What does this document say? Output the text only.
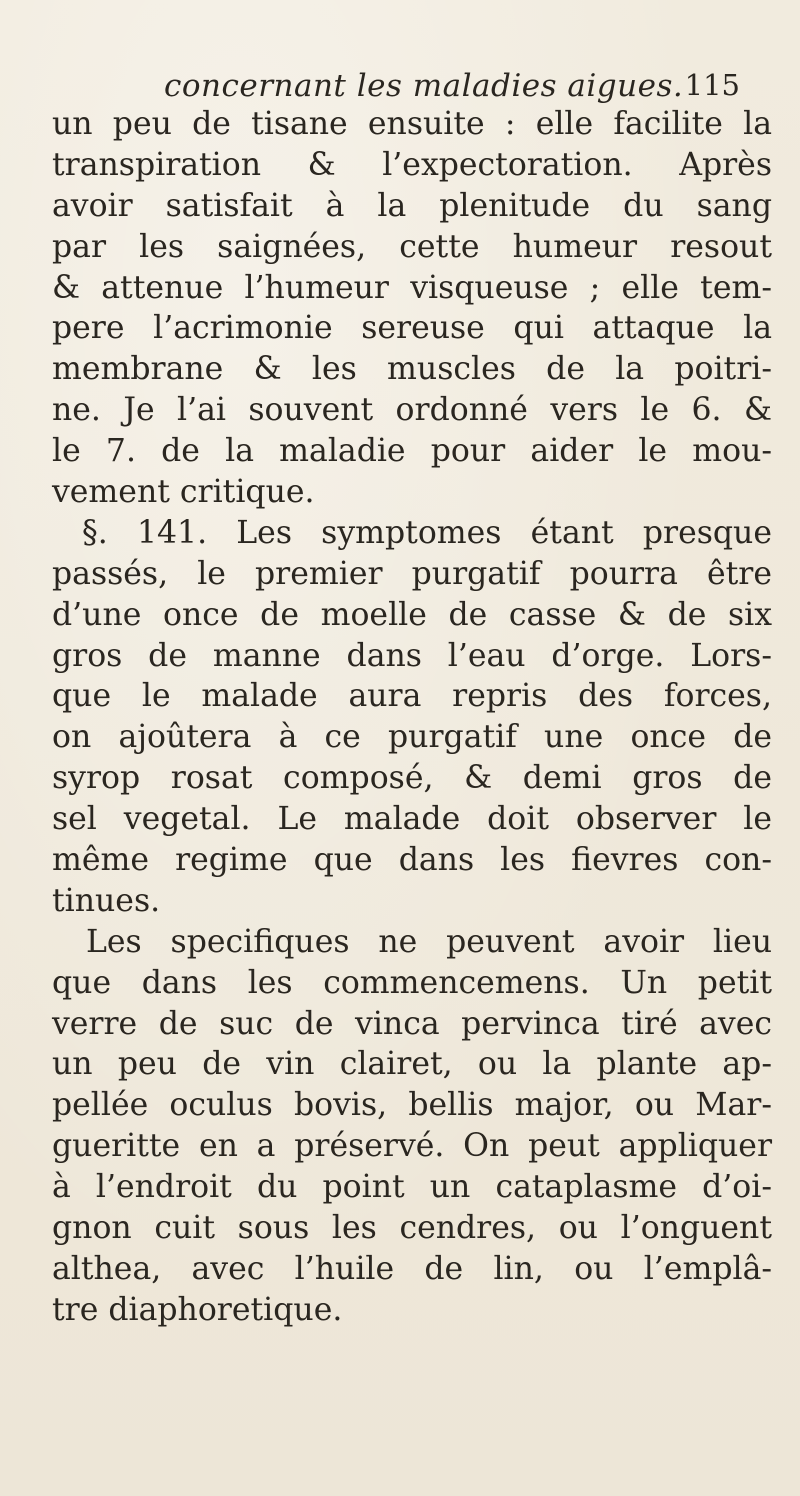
concernant les maladies aigues. 115
un peu de tisane ensuite : elle facilite la
transpiration & l’expectoration. Après
avoir satisfait à la plenitude du sang
par les saignées, cette humeur resout
& attenue l’humeur visqueuse ; elle tem-
pere l’acrimonie sereuse qui attaque la
membrane & les muscles de la poitri-
ne. Je l’ai souvent ordonné vers le 6. &
le 7. de la maladie pour aider le mou-
vement critique.
§. 141. Les symptomes étant presque
passés, le premier purgatif pourra être
d’une once de moelle de casse & de six
gros de manne dans l’eau d’orge. Lors-
que le malade aura repris des forces,
on ajoûtera à ce purgatif une once de
syrop rosat composé, & demi gros de
sel vegetal. Le malade doit observer le
même regime que dans les fievres con-
tinues.
Les specifiques ne peuvent avoir lieu
que dans les commencemens. Un petit
verre de suc de vinca pervinca tiré avec
un peu de vin clairet, ou la plante ap-
pellée oculus bovis, bellis major, ou Mar-
gueritte en a préservé. On peut appliquer
à l’endroit du point un cataplasme d’oi-
gnon cuit sous les cendres, ou l’onguent
althea, avec l’huile de lin, ou l’emplâ-
tre diaphoretique.
